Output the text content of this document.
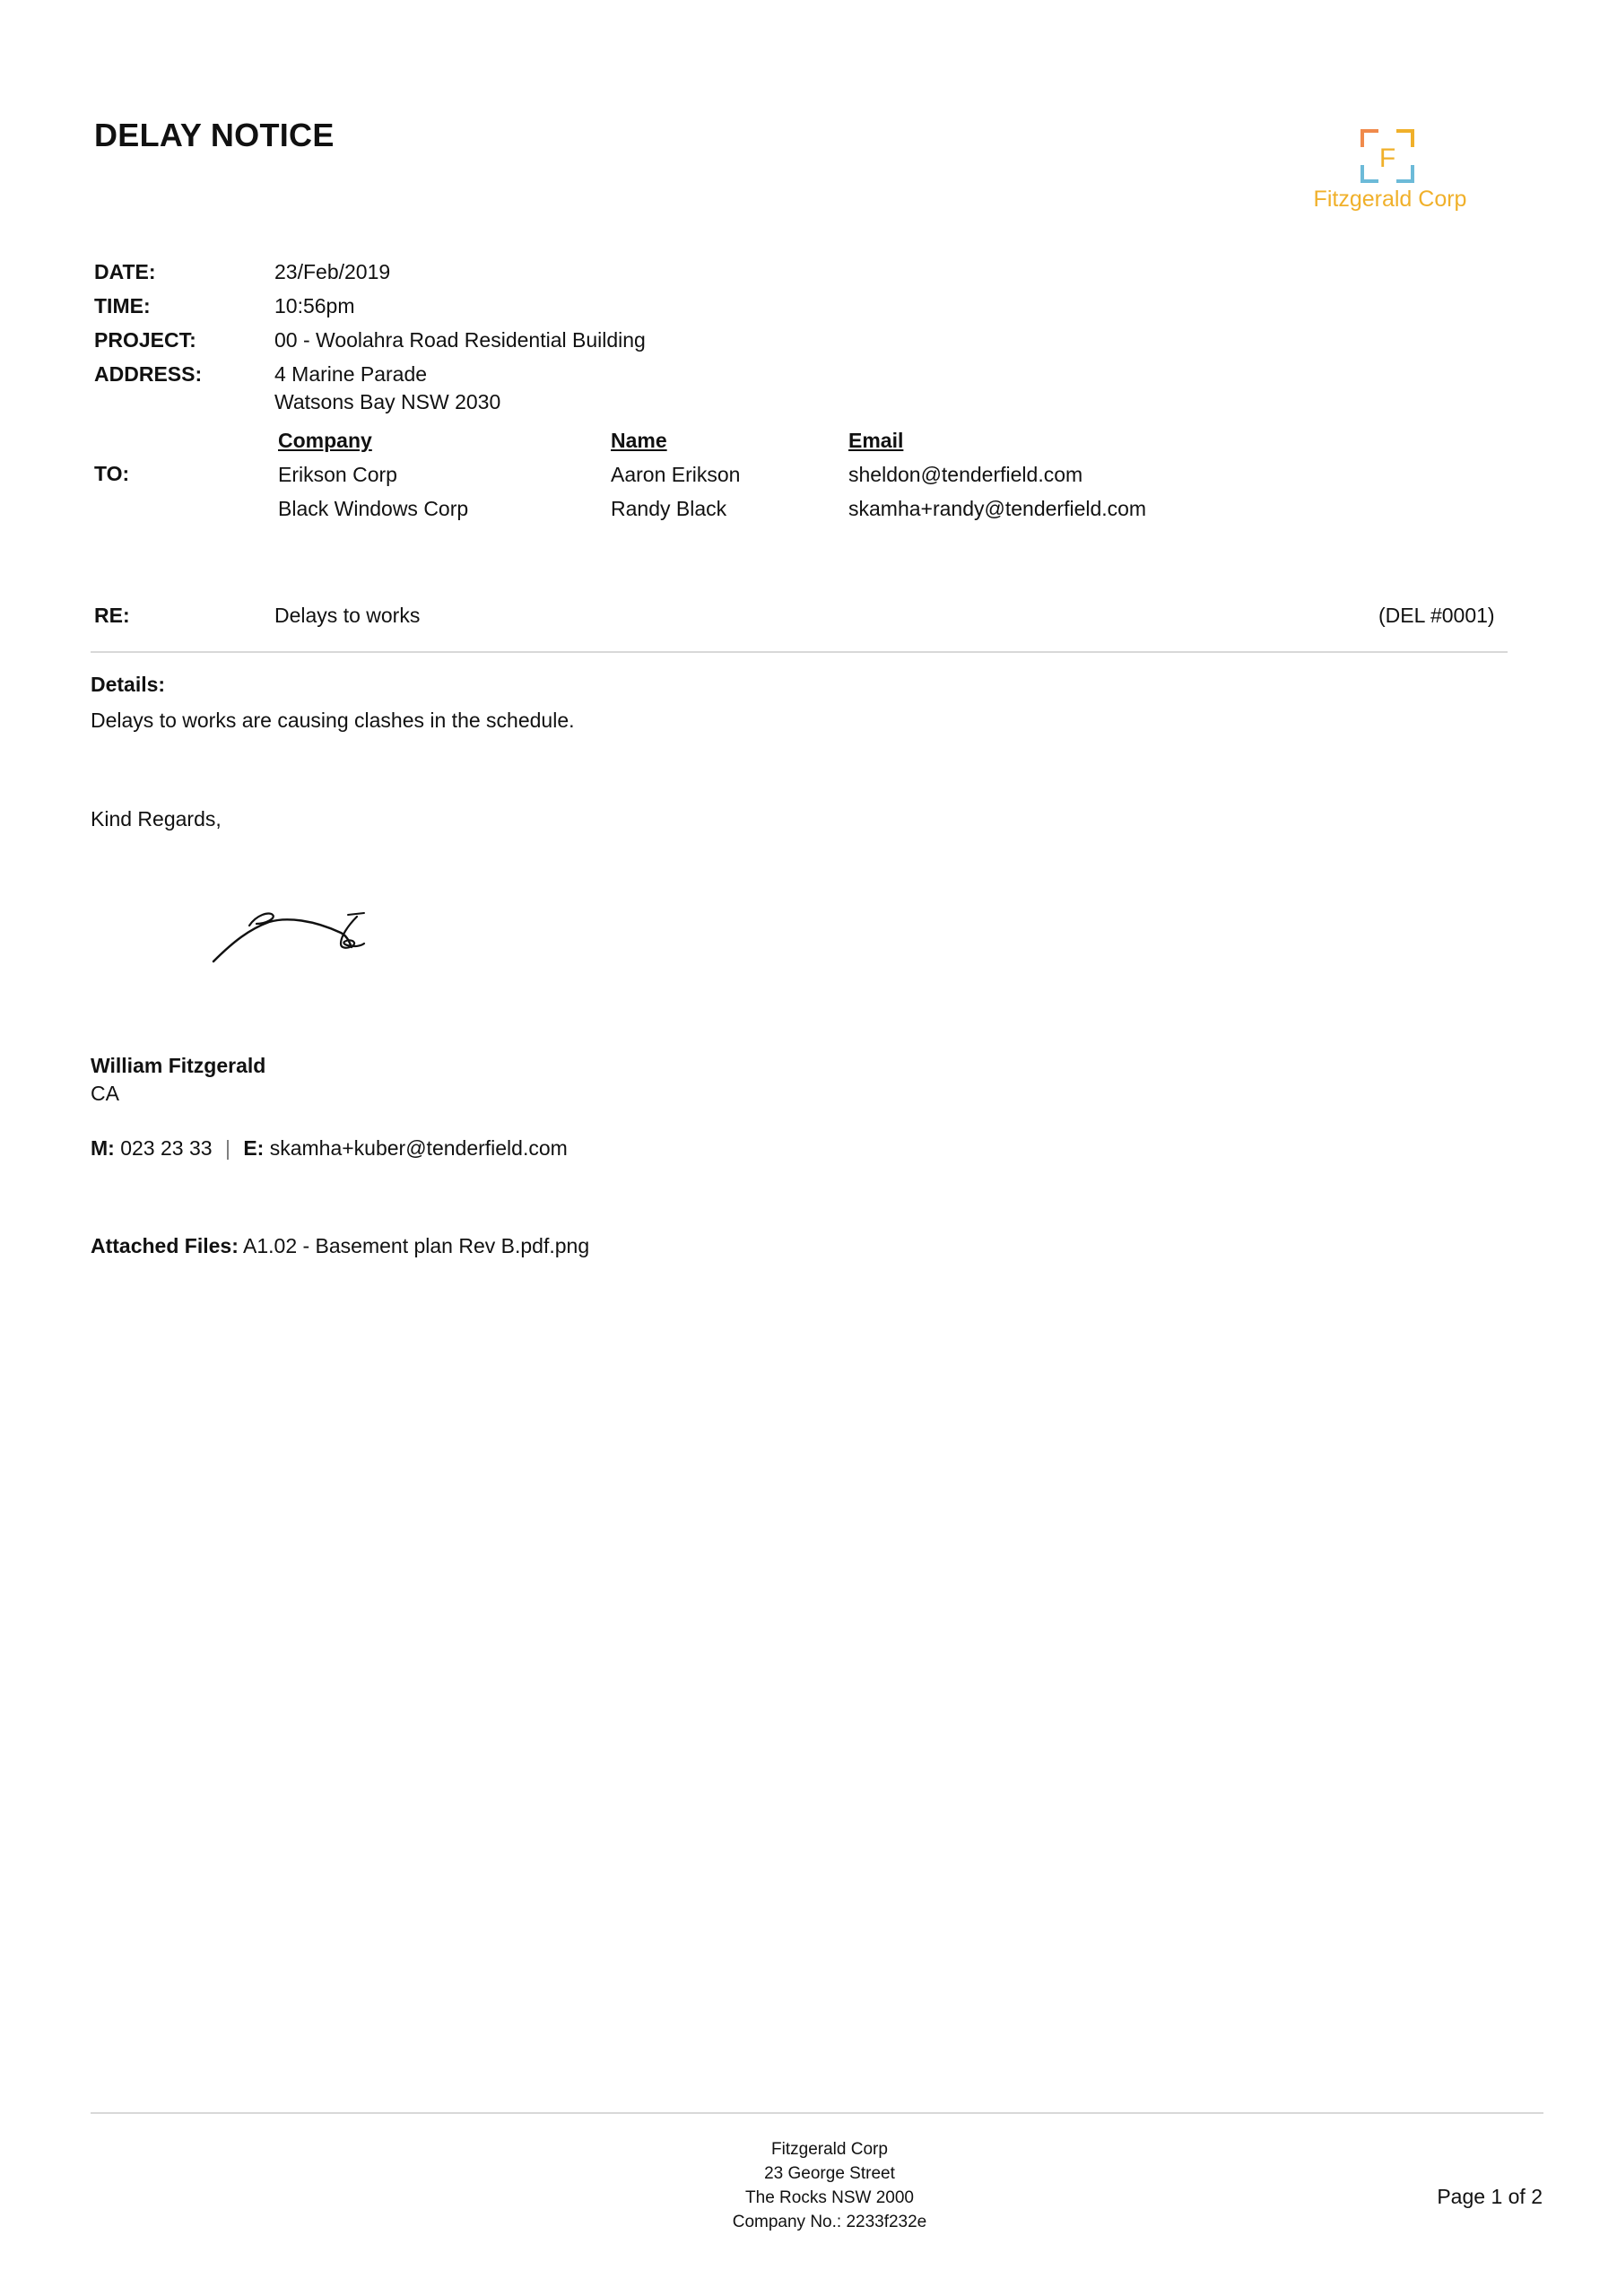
DELAY NOTICE
F
Fitzgerald Corp
DATE:	23/Feb/2019
TIME:	10:56pm
PROJECT:	00 - Woolahra Road Residential Building
ADDRESS:	4 Marine Parade
Watsons Bay NSW 2030
Company	Name	Email
TO:	Erikson Corp	Aaron Erikson	sheldon@tenderfield.com
Black Windows Corp	Randy Black	skamha+randy@tenderfield.com
RE:	Delays to works	(DEL #0001)
Details:
Delays to works are causing clashes in the schedule.
Kind Regards,
William Fitzgerald
CA
M: 023 23 33 | E: skamha+kuber@tenderfield.com
Attached Files: A1.02 - Basement plan Rev B.pdf.png
Fitzgerald Corp
23 George Street
The Rocks NSW 2000
Company No.: 2233f232e
Page 1 of 2
